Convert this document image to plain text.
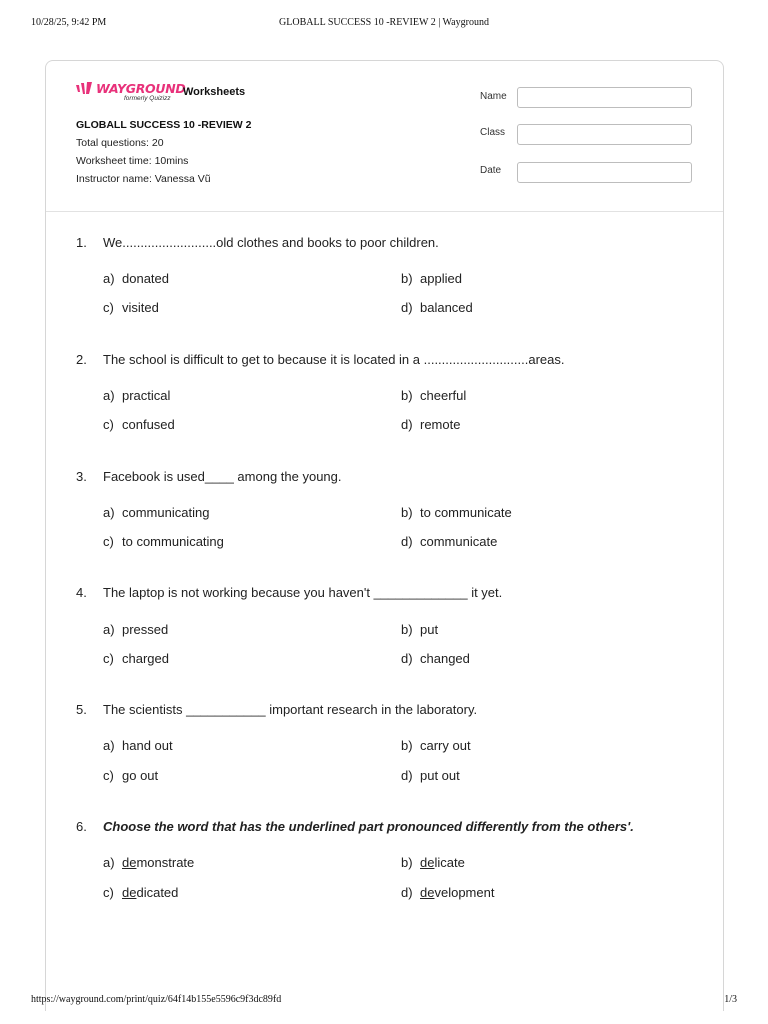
10/28/25, 9:42 PM	GLOBALL SUCCESS 10 -REVIEW 2 | Wayground
WAYGROUND
formerly Quizizz
Worksheets
GLOBALL SUCCESS 10 -REVIEW 2
Total questions: 20
Worksheet time: 10mins
Instructor name: Vanessa Vũ
Name
Class
Date
1. We..........................old clothes and books to poor children.
a) donated	b) applied
c) visited	d) balanced
2. The school is difficult to get to because it is located in a .............................areas.
a) practical	b) cheerful
c) confused	d) remote
3. Facebook is used____ among the young.
a) communicating	b) to communicate
c) to communicating	d) communicate
4. The laptop is not working because you haven't _____________ it yet.
a) pressed	b) put
c) charged	d) changed
5. The scientists ___________ important research in the laboratory.
a) hand out	b) carry out
c) go out	d) put out
6. Choose the word that has the underlined part pronounced differently from the others'.
a) demonstrate	b) delicate
c) dedicated	d) development
https://wayground.com/print/quiz/64f14b155e5596c9f3dc89fd	1/3
